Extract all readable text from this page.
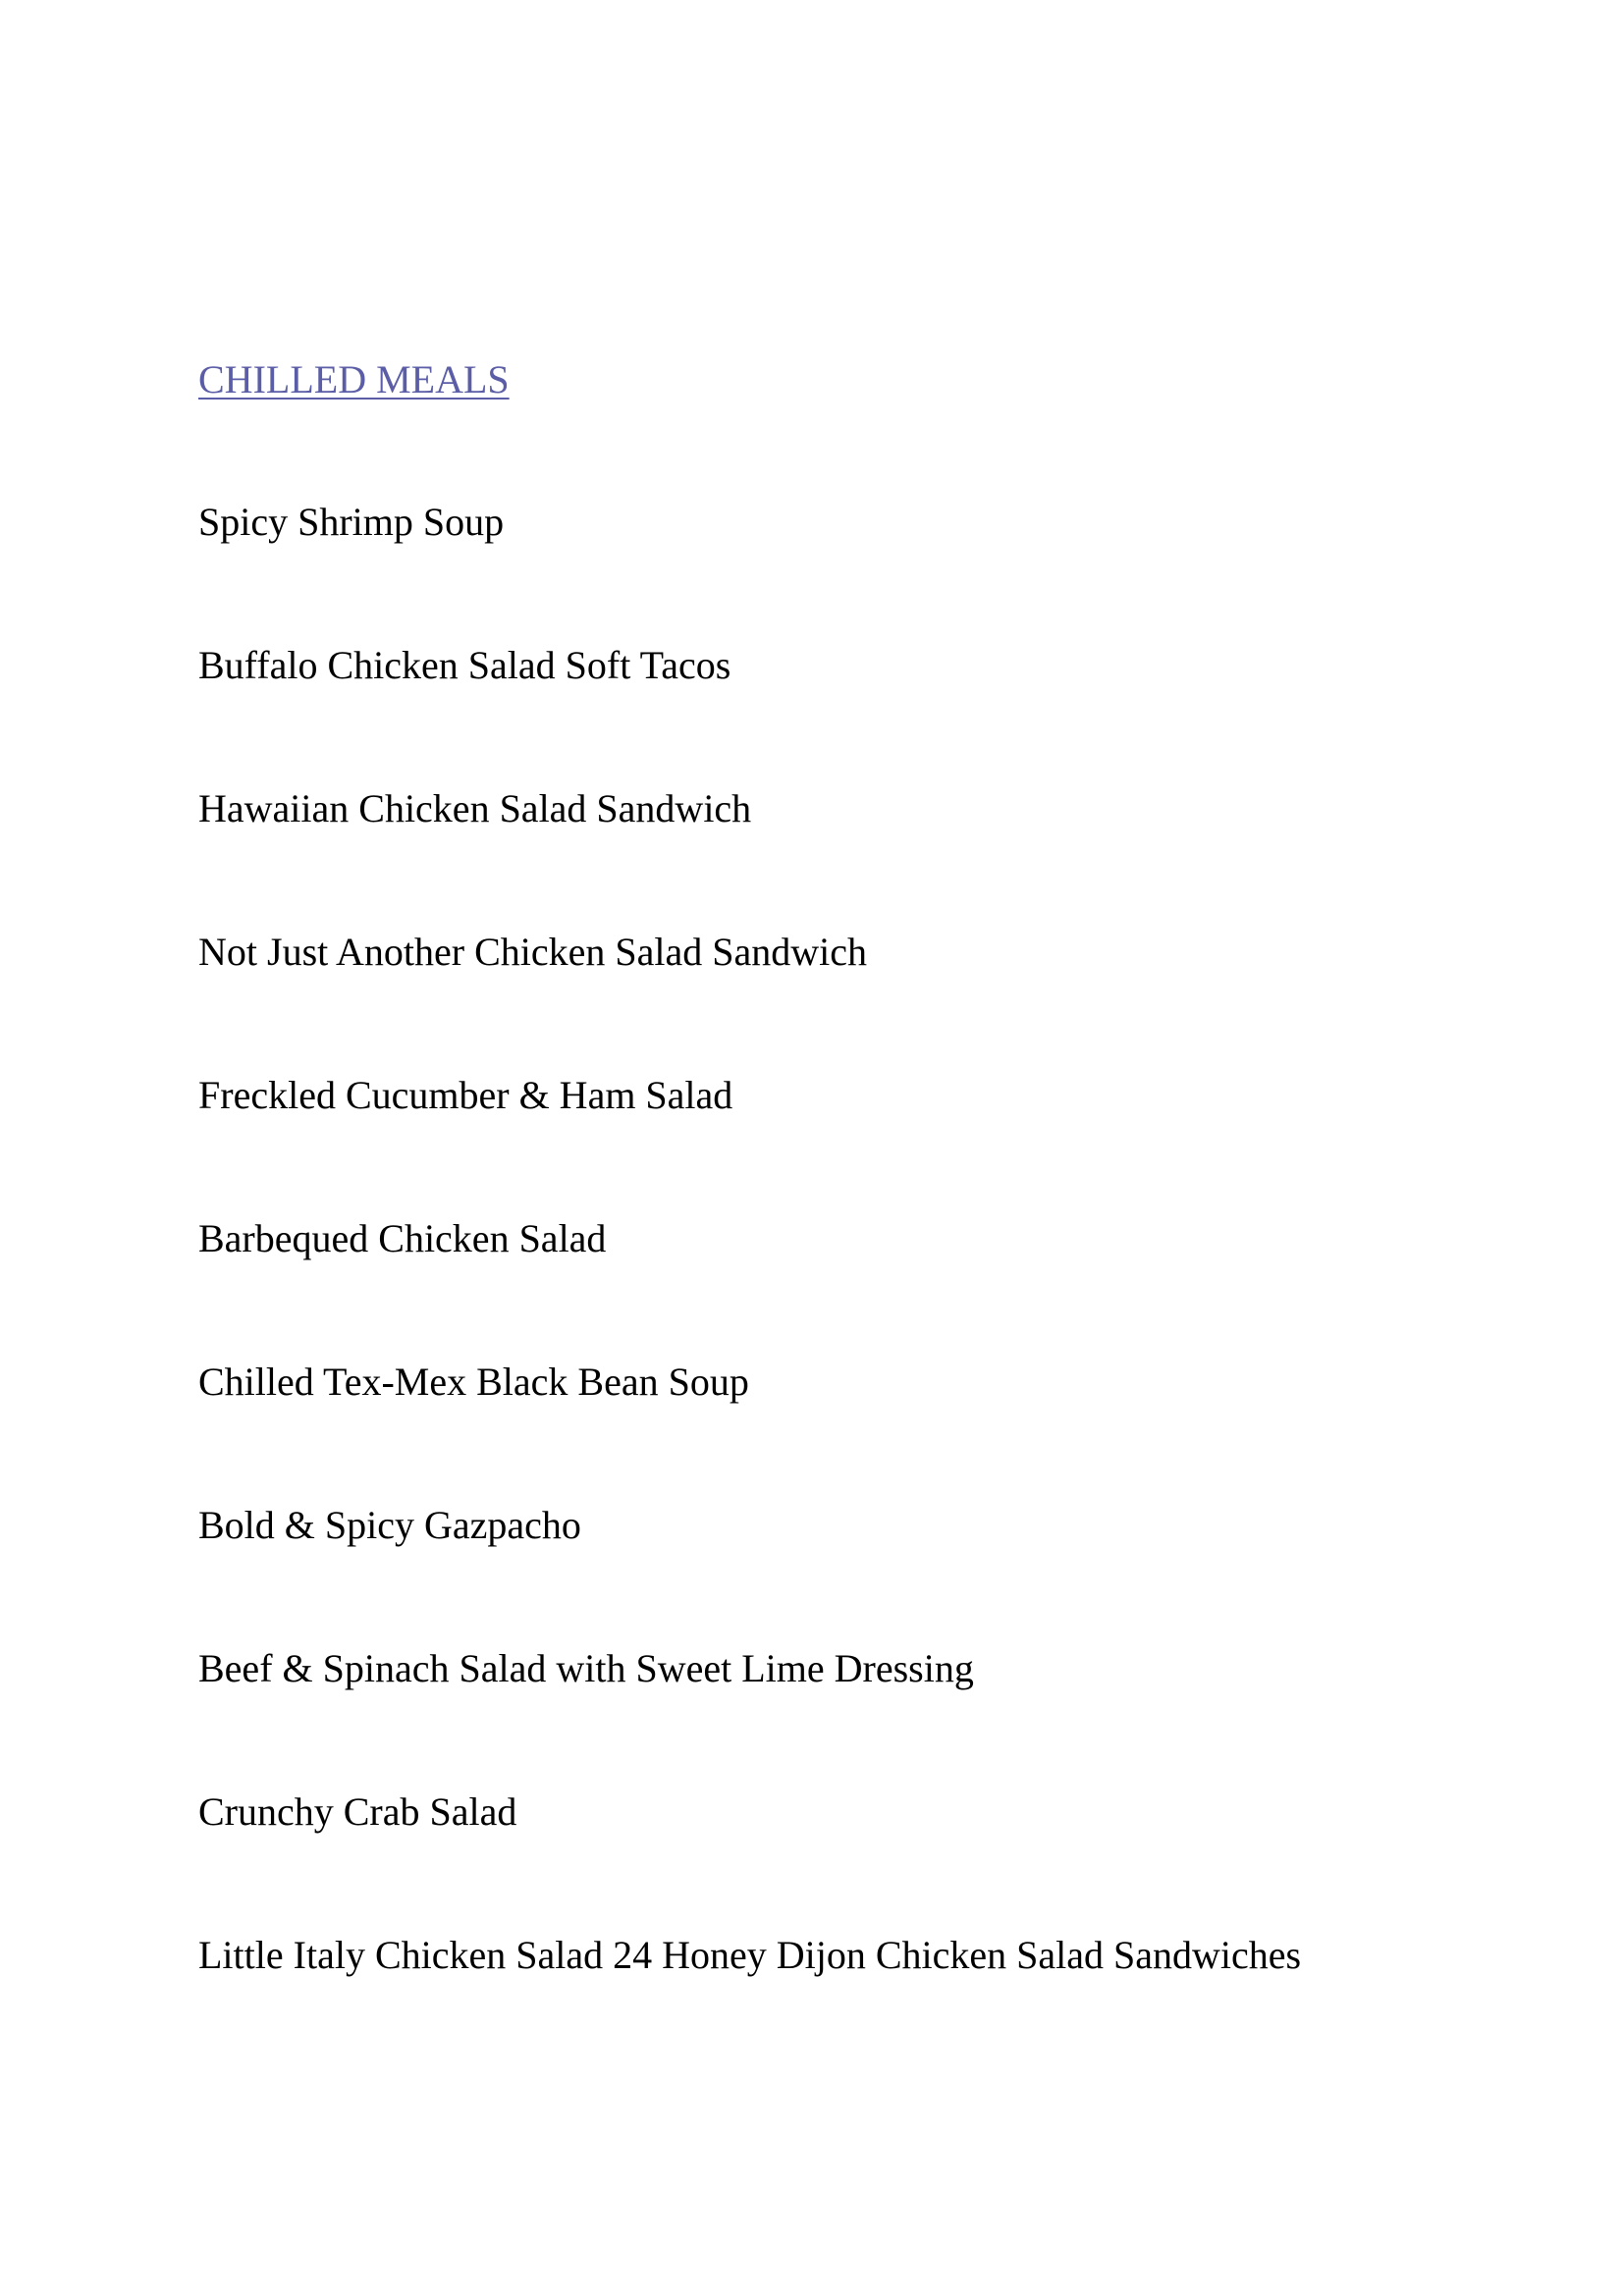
CHILLED MEALS
Spicy Shrimp Soup
Buffalo Chicken Salad Soft Tacos
Hawaiian Chicken Salad Sandwich
Not Just Another Chicken Salad Sandwich
Freckled Cucumber & Ham Salad
Barbequed Chicken Salad
Chilled Tex-Mex Black Bean Soup
Bold & Spicy Gazpacho
Beef & Spinach Salad with Sweet Lime Dressing
Crunchy Crab Salad
Little Italy Chicken Salad 24 Honey Dijon Chicken Salad Sandwiches
